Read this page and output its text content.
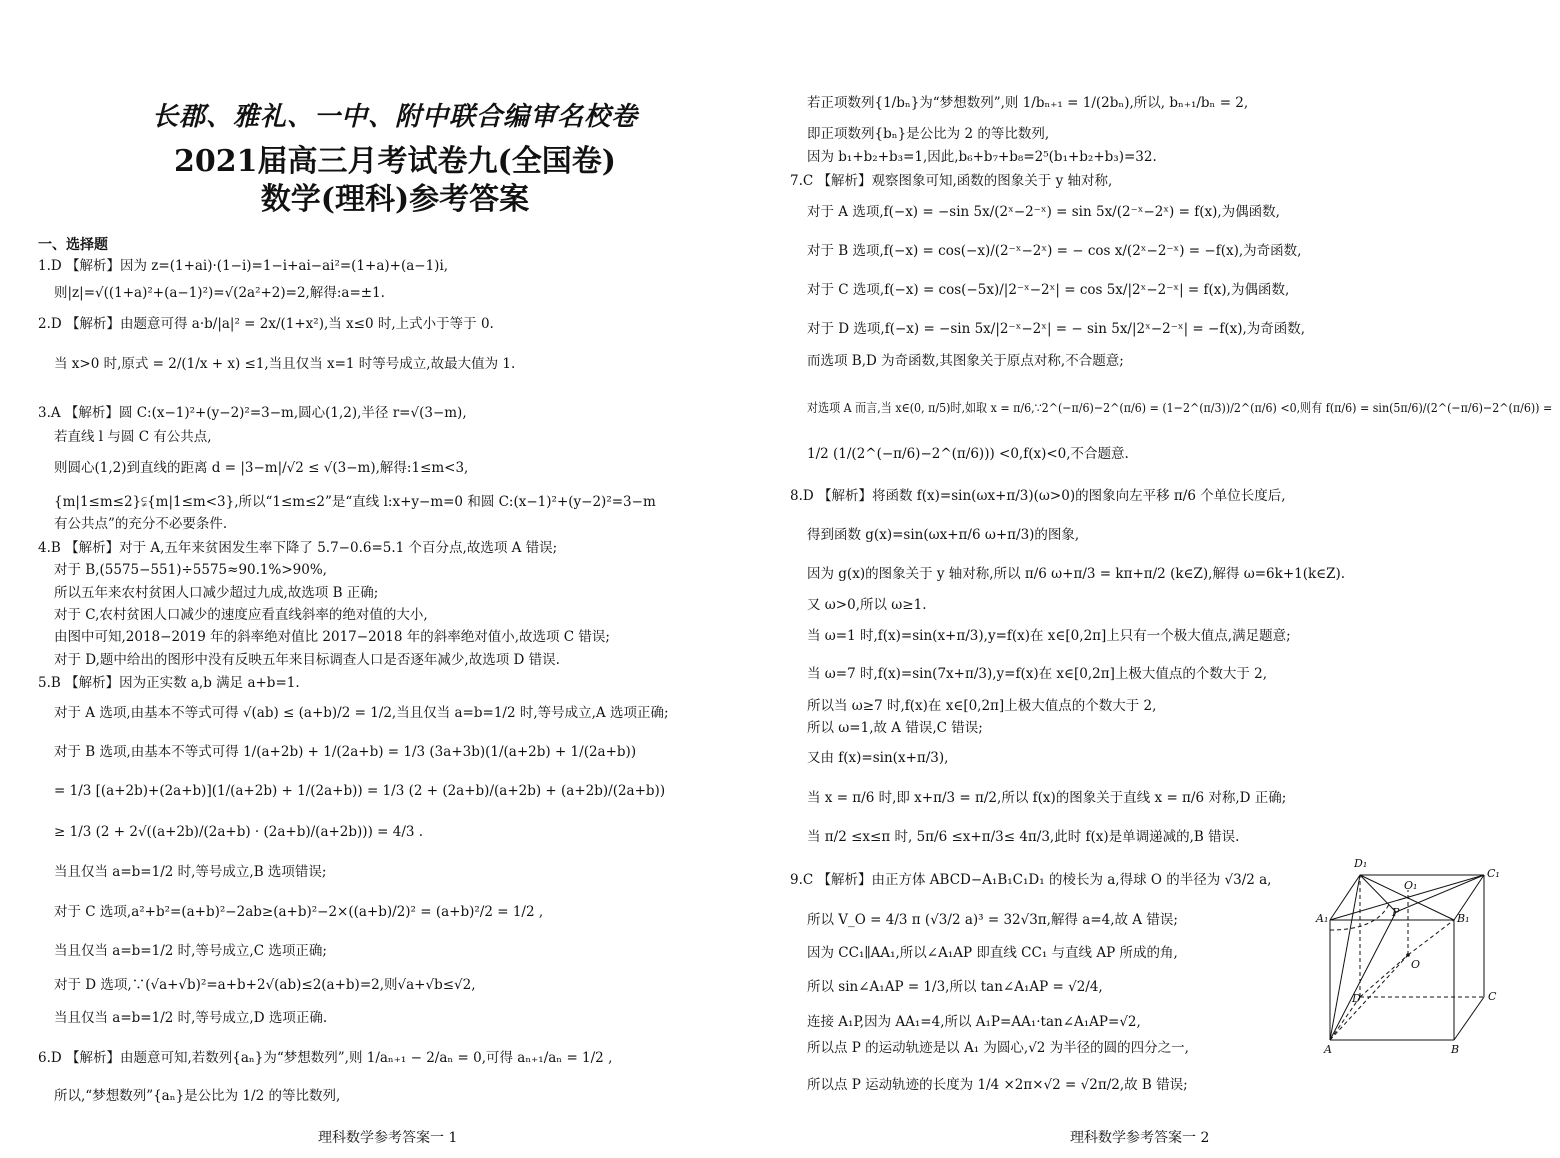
长郡、雅礼、一中、附中联合编审名校卷
2021届高三月考试卷九(全国卷)
数学(理科)参考答案
一、选择题
1.D 【解析】因为 z=(1+ai)·(1−i)=1−i+ai−ai²=(1+a)+(a−1)i,
则|z|=√((1+a)²+(a−1)²)=√(2a²+2)=2,解得:a=±1.
2.D 【解析】由题意可得 a·b/|a|² = 2x/(1+x²),当 x≤0 时,上式小于等于 0.
当 x>0 时,原式 = 2/(1/x + x) ≤1,当且仅当 x=1 时等号成立,故最大值为 1.
3.A 【解析】圆 C:(x−1)²+(y−2)²=3−m,圆心(1,2),半径 r=√(3−m),
若直线 l 与圆 C 有公共点,
则圆心(1,2)到直线的距离 d = |3−m|/√2 ≤ √(3−m),解得:1≤m<3,
{m|1≤m≤2}⫋{m|1≤m<3},所以“1≤m≤2”是“直线 l:x+y−m=0 和圆 C:(x−1)²+(y−2)²=3−m
有公共点”的充分不必要条件.
4.B 【解析】对于 A,五年来贫困发生率下降了 5.7−0.6=5.1 个百分点,故选项 A 错误;
对于 B,(5575−551)÷5575≈90.1%>90%,
所以五年来农村贫困人口减少超过九成,故选项 B 正确;
对于 C,农村贫困人口减少的速度应看直线斜率的绝对值的大小,
由图中可知,2018−2019 年的斜率绝对值比 2017−2018 年的斜率绝对值小,故选项 C 错误;
对于 D,题中给出的图形中没有反映五年来目标调查人口是否逐年减少,故选项 D 错误.
5.B 【解析】因为正实数 a,b 满足 a+b=1.
对于 A 选项,由基本不等式可得 √(ab) ≤ (a+b)/2 = 1/2,当且仅当 a=b=1/2 时,等号成立,A 选项正确;
对于 B 选项,由基本不等式可得 1/(a+2b) + 1/(2a+b) = 1/3 (3a+3b)(1/(a+2b) + 1/(2a+b))
= 1/3 [(a+2b)+(2a+b)](1/(a+2b) + 1/(2a+b)) = 1/3 (2 + (2a+b)/(a+2b) + (a+2b)/(2a+b))
≥ 1/3 (2 + 2√((a+2b)/(2a+b) · (2a+b)/(a+2b))) = 4/3 .
当且仅当 a=b=1/2 时,等号成立,B 选项错误;
对于 C 选项,a²+b²=(a+b)²−2ab≥(a+b)²−2×((a+b)/2)² = (a+b)²/2 = 1/2 ,
当且仅当 a=b=1/2 时,等号成立,C 选项正确;
对于 D 选项,∵(√a+√b)²=a+b+2√(ab)≤2(a+b)=2,则√a+√b≤√2,
当且仅当 a=b=1/2 时,等号成立,D 选项正确.
6.D 【解析】由题意可知,若数列{aₙ}为“梦想数列”,则 1/aₙ₊₁ − 2/aₙ = 0,可得 aₙ₊₁/aₙ = 1/2 ,
所以,“梦想数列”{aₙ}是公比为 1/2 的等比数列,
理科数学参考答案一 1
若正项数列{1/bₙ}为“梦想数列”,则 1/bₙ₊₁ = 1/(2bₙ),所以, bₙ₊₁/bₙ = 2,
即正项数列{bₙ}是公比为 2 的等比数列,
因为 b₁+b₂+b₃=1,因此,b₆+b₇+b₈=2⁵(b₁+b₂+b₃)=32.
7.C 【解析】观察图象可知,函数的图象关于 y 轴对称,
对于 A 选项,f(−x) = −sin 5x/(2ˣ−2⁻ˣ) = sin 5x/(2⁻ˣ−2ˣ) = f(x),为偶函数,
对于 B 选项,f(−x) = cos(−x)/(2⁻ˣ−2ˣ) = − cos x/(2ˣ−2⁻ˣ) = −f(x),为奇函数,
对于 C 选项,f(−x) = cos(−5x)/|2⁻ˣ−2ˣ| = cos 5x/|2ˣ−2⁻ˣ| = f(x),为偶函数,
对于 D 选项,f(−x) = −sin 5x/|2⁻ˣ−2ˣ| = − sin 5x/|2ˣ−2⁻ˣ| = −f(x),为奇函数,
而选项 B,D 为奇函数,其图象关于原点对称,不合题意;
对选项 A 而言,当 x∈(0, π/5)时,如取 x = π/6,∵2^(−π/6)−2^(π/6) = (1−2^(π/3))/2^(π/6) <0,则有 f(π/6) = sin(5π/6)/(2^(−π/6)−2^(π/6)) =
1/2 (1/(2^(−π/6)−2^(π/6))) <0,f(x)<0,不合题意.
8.D 【解析】将函数 f(x)=sin(ωx+π/3)(ω>0)的图象向左平移 π/6 个单位长度后,
得到函数 g(x)=sin(ωx+π/6 ω+π/3)的图象,
因为 g(x)的图象关于 y 轴对称,所以 π/6 ω+π/3 = kπ+π/2 (k∈Z),解得 ω=6k+1(k∈Z).
又 ω>0,所以 ω≥1.
当 ω=1 时,f(x)=sin(x+π/3),y=f(x)在 x∈[0,2π]上只有一个极大值点,满足题意;
当 ω=7 时,f(x)=sin(7x+π/3),y=f(x)在 x∈[0,2π]上极大值点的个数大于 2,
所以当 ω≥7 时,f(x)在 x∈[0,2π]上极大值点的个数大于 2,
所以 ω=1,故 A 错误,C 错误;
又由 f(x)=sin(x+π/3),
当 x = π/6 时,即 x+π/3 = π/2,所以 f(x)的图象关于直线 x = π/6 对称,D 正确;
当 π/2 ≤x≤π 时, 5π/6 ≤x+π/3≤ 4π/3,此时 f(x)是单调递减的,B 错误.
9.C 【解析】由正方体 ABCD−A₁B₁C₁D₁ 的棱长为 a,得球 O 的半径为 √3/2 a,
所以 V_O = 4/3 π (√3/2 a)³ = 32√3π,解得 a=4,故 A 错误;
因为 CC₁∥AA₁,所以∠A₁AP 即直线 CC₁ 与直线 AP 所成的角,
所以 sin∠A₁AP = 1/3,所以 tan∠A₁AP = √2/4,
连接 A₁P,因为 AA₁=4,所以 A₁P=AA₁·tan∠A₁AP=√2,
所以点 P 的运动轨迹是以 A₁ 为圆心,√2 为半径的圆的四分之一,
所以点 P 运动轨迹的长度为 1/4 ×2π×√2 = √2π/2,故 B 错误;
理科数学参考答案一 2
D₁
O₁
C₁
A₁	P	B₁
O
D	C
A	B
